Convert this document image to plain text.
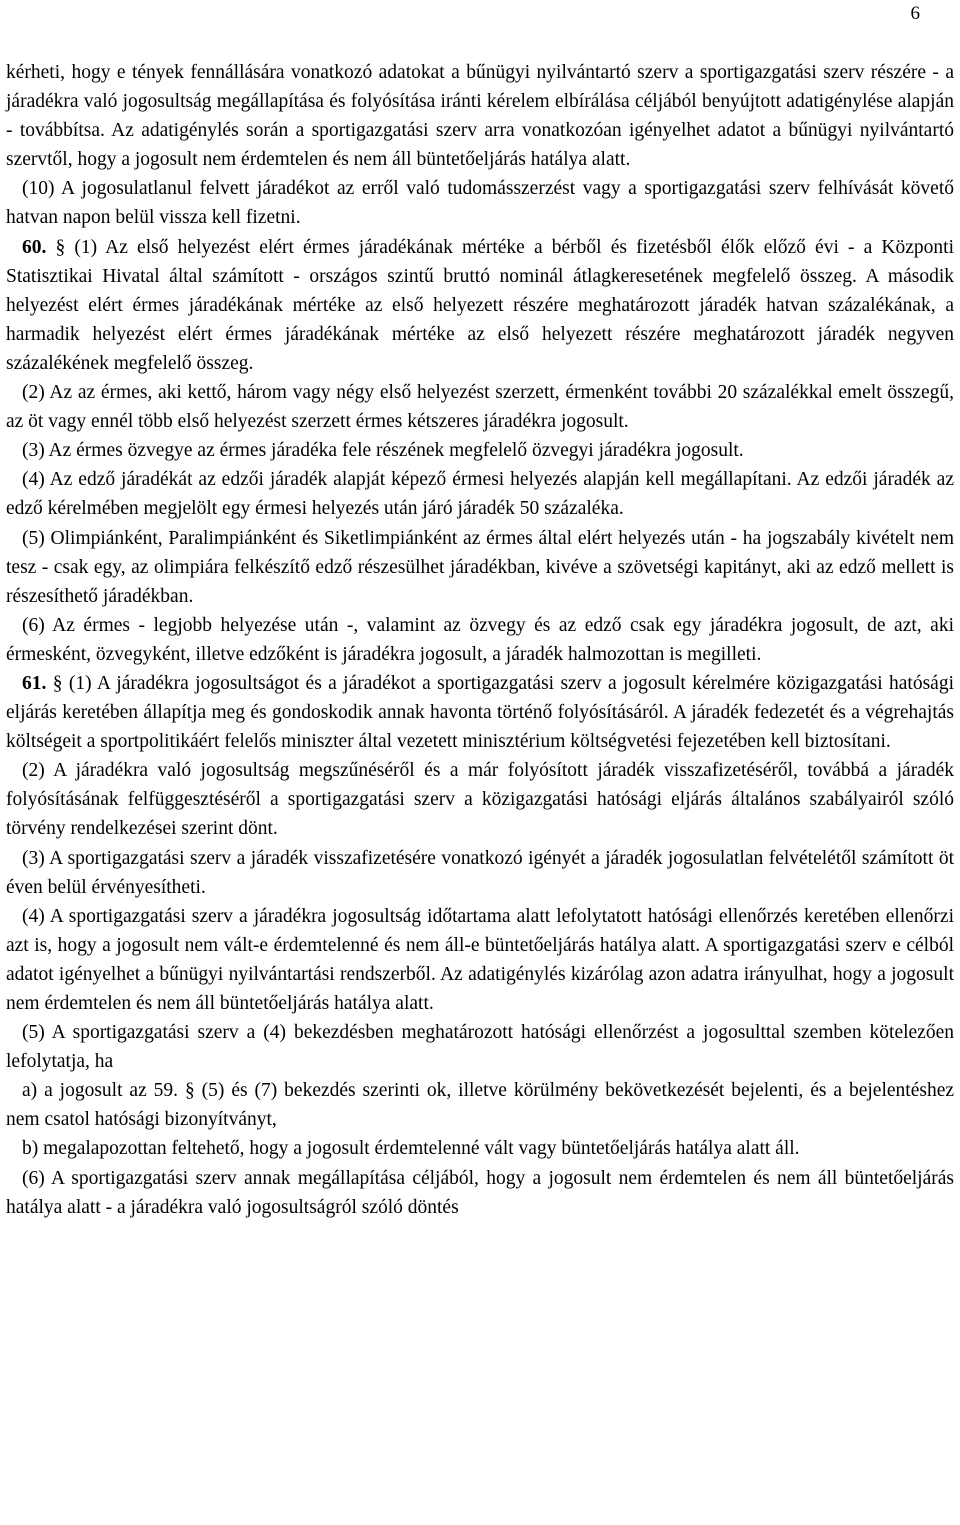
6

kérheti, hogy e tények fennállására vonatkozó adatokat a bűnügyi nyilvántartó szerv a sportigazgatási szerv részére - a járadékra való jogosultság megállapítása és folyósítása iránti kérelem elbírálása céljából benyújtott adatigénylése alapján - továbbítsa. Az adatigénylés során a sportigazgatási szerv arra vonatkozóan igényelhet adatot a bűnügyi nyilvántartó szervtől, hogy a jogosult nem érdemtelen és nem áll büntetőeljárás hatálya alatt.

(10) A jogosulatlanul felvett járadékot az erről való tudomásszerzést vagy a sportigazgatási szerv felhívását követő hatvan napon belül vissza kell fizetni.

60. § (1) Az első helyezést elért érmes járadékának mértéke a bérből és fizetésből élők előző évi - a Központi Statisztikai Hivatal által számított - országos szintű bruttó nominál átlagkeresetének megfelelő összeg. A második helyezést elért érmes járadékának mértéke az első helyezett részére meghatározott járadék hatvan százalékának, a harmadik helyezést elért érmes járadékának mértéke az első helyezett részére meghatározott járadék negyven százalékének megfelelő összeg.

(2) Az az érmes, aki kettő, három vagy négy első helyezést szerzett, érmenként további 20 százalékkal emelt összegű, az öt vagy ennél több első helyezést szerzett érmes kétszeres járadékra jogosult.

(3) Az érmes özvegye az érmes járadéka fele részének megfelelő özvegyi járadékra jogosult.

(4) Az edző járadékát az edzői járadék alapját képező érmesi helyezés alapján kell megállapítani. Az edzői járadék az edző kérelmében megjelölt egy érmesi helyezés után járó járadék 50 százaléka.

(5) Olimpiánként, Paralimpiánként és Siketlimpiánként az érmes által elért helyezés után - ha jogszabály kivételt nem tesz - csak egy, az olimpiára felkészítő edző részesülhet járadékban, kivéve a szövetségi kapitányt, aki az edző mellett is részesíthető járadékban.

(6) Az érmes - legjobb helyezése után -, valamint az özvegy és az edző csak egy járadékra jogosult, de azt, aki érmesként, özvegyként, illetve edzőként is járadékra jogosult, a járadék halmozottan is megilleti.

61. § (1) A járadékra jogosultságot és a járadékot a sportigazgatási szerv a jogosult kérelmére közigazgatási hatósági eljárás keretében állapítja meg és gondoskodik annak havonta történő folyósításáról. A járadék fedezetét és a végrehajtás költségeit a sportpolitikáért felelős miniszter által vezetett minisztérium költségvetési fejezetében kell biztosítani.

(2) A járadékra való jogosultság megszűnéséről és a már folyósított járadék visszafizetéséről, továbbá a járadék folyósításának felfüggesztéséről a sportigazgatási szerv a közigazgatási hatósági eljárás általános szabályairól szóló törvény rendelkezései szerint dönt.

(3) A sportigazgatási szerv a járadék visszafizetésére vonatkozó igényét a járadék jogosulatlan felvételétől számított öt éven belül érvényesítheti.

(4) A sportigazgatási szerv a járadékra jogosultság időtartama alatt lefolytatott hatósági ellenőrzés keretében ellenőrzi azt is, hogy a jogosult nem vált-e érdemtelenné és nem áll-e büntetőeljárás hatálya alatt. A sportigazgatási szerv e célból adatot igényelhet a bűnügyi nyilvántartási rendszerből. Az adatigénylés kizárólag azon adatra irányulhat, hogy a jogosult nem érdemtelen és nem áll büntetőeljárás hatálya alatt.

(5) A sportigazgatási szerv a (4) bekezdésben meghatározott hatósági ellenőrzést a jogosulttal szemben kötelezően lefolytatja, ha

a) a jogosult az 59. § (5) és (7) bekezdés szerinti ok, illetve körülmény bekövetkezését bejelenti, és a bejelentéshez nem csatol hatósági bizonyítványt,

b) megalapozottan feltehető, hogy a jogosult érdemtelenné vált vagy büntetőeljárás hatálya alatt áll.

(6) A sportigazgatási szerv annak megállapítása céljából, hogy a jogosult nem érdemtelen és nem áll büntetőeljárás hatálya alatt - a járadékra való jogosultságról szóló döntés
